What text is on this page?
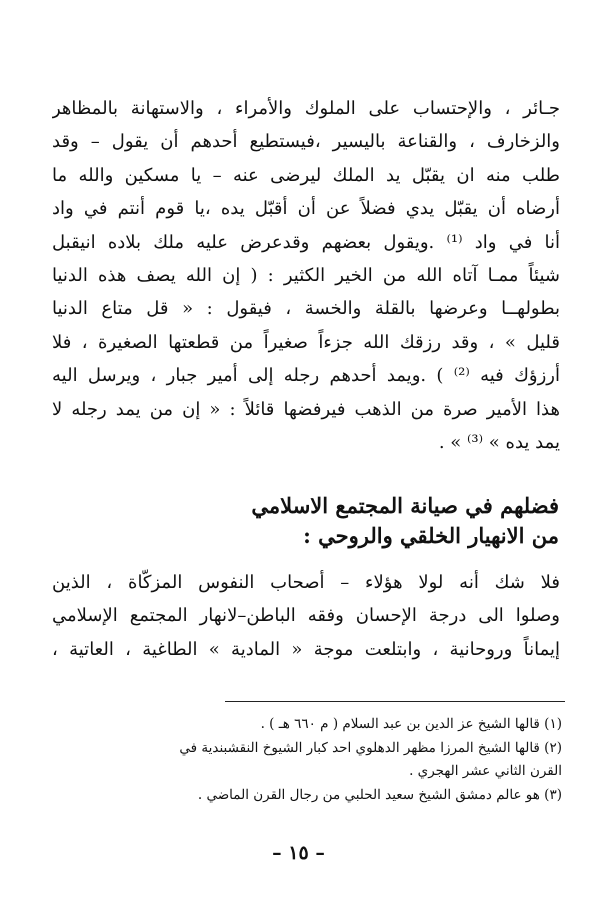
جـائر ، والإحتساب على الملوك والأمراء ، والاستهانة بالمظاهر
والزخارف ، والقناعة باليسير ،فيستطيع أحدهم أن يقول – وقد
طلب منه ان يقبّل يد الملك ليرضى عنه – يا مسكين والله ما
أرضاه أن يقبّل يدي فضلاً عن أن أقبّل يده ،يا قوم أنتم في واد
أنا في واد ⁽¹⁾ .ويقول بعضهم وقدعرض عليه ملك بلاده انيقبل
شيئاً ممـا آتاه الله من الخير الكثير : ( إن الله يصف هذه الدنيا
بطولهــا وعرضها بالقلة والخسة ، فيقول : « قل متاع الدنيا
قليل » ، وقد رزقك الله جزءاً صغيراً من قطعتها الصغيرة ، فلا
أرزؤك فيه ⁽²⁾ ) .ويمد أحدهم رجله إلى أمير جبار ، ويرسل اليه
هذا الأمير صرة من الذهب فيرفضها قائلاً : « إن من يمد رجله لا
يمد يده » ⁽³⁾ » .
فضلهم في صيانة المجتمع الاسلامي
من الانهيار الخلقي والروحي :
فلا شك أنه لولا هؤلاء – أصحاب النفوس المزكّاة ، الذين
وصلوا الى درجة الإحسان وفقه الباطن–لانهار المجتمع الإسلامي
إيماناً وروحانية ، وابتلعت موجة « المادية » الطاغية ، العاتية ،
(١) قالها الشيخ عز الدين بن عبد السلام ( م ٦٦٠ هـ ) .
(٢) قالها الشيخ المرزا مظهر الدهلوي احد كبار الشيوخ النقشبندية في
القرن الثاني عشر الهجري .
(٣) هو عالم دمشق الشيخ سعيد الحلبي من رجال القرن الماضي .
– ١٥ –
